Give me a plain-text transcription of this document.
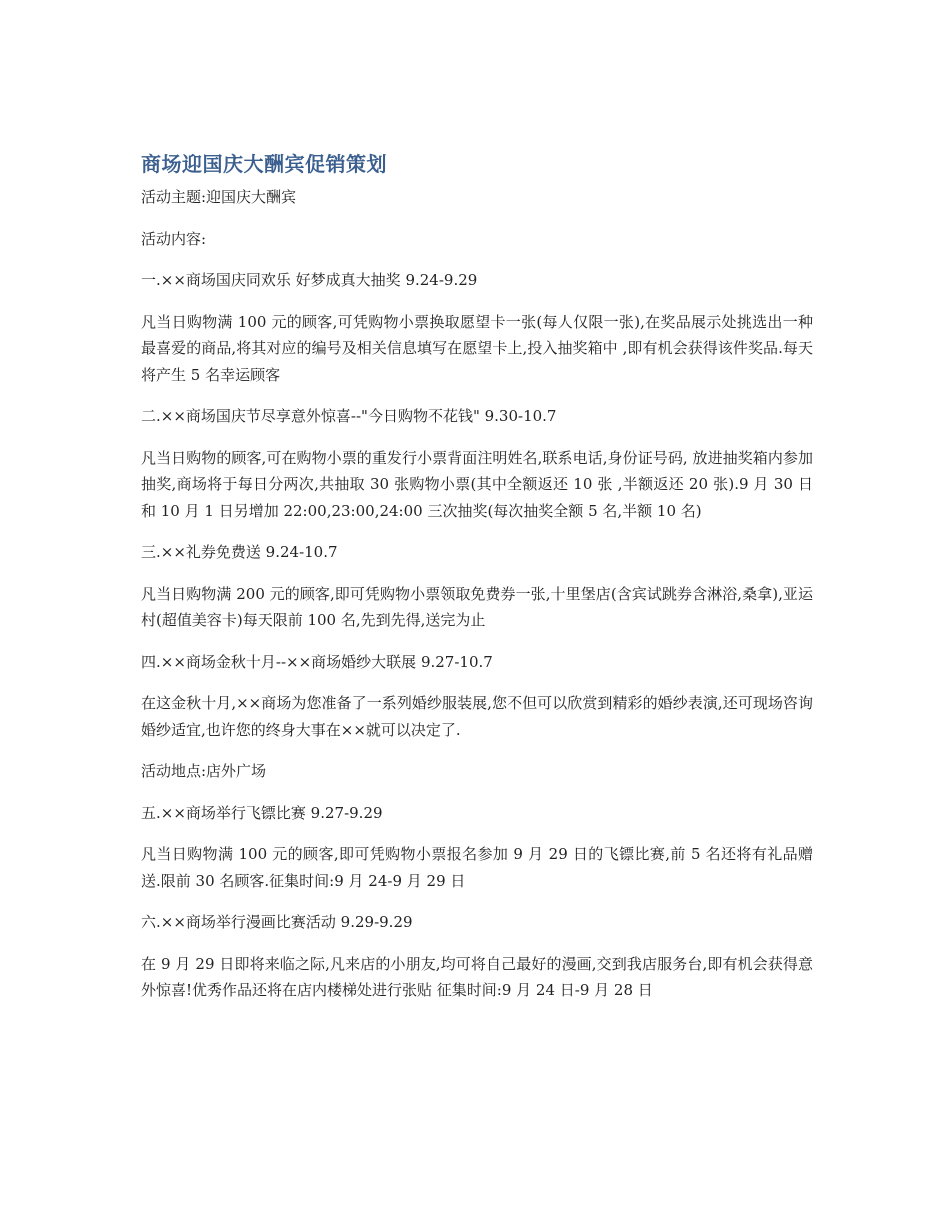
商场迎国庆大酬宾促销策划

活动主题:迎国庆大酬宾

活动内容:

一.××商场国庆同欢乐 好梦成真大抽奖 9.24-9.29

凡当日购物满 100 元的顾客,可凭购物小票换取愿望卡一张(每人仅限一张),在奖品展示处挑选出一种最喜爱的商品,将其对应的编号及相关信息填写在愿望卡上,投入抽奖箱中 ,即有机会获得该件奖品.每天将产生 5 名幸运顾客

二.××商场国庆节尽享意外惊喜--"今日购物不花钱" 9.30-10.7

凡当日购物的顾客,可在购物小票的重发行小票背面注明姓名,联系电话,身份证号码, 放进抽奖箱内参加抽奖,商场将于每日分两次,共抽取 30 张购物小票(其中全额返还 10 张 ,半额返还 20 张).9 月 30 日和 10 月 1 日另增加 22:00,23:00,24:00 三次抽奖(每次抽奖全额 5 名,半额 10 名)

三.××礼券免费送 9.24-10.7

凡当日购物满 200 元的顾客,即可凭购物小票领取免费券一张,十里堡店(含宾试跳券含淋浴,桑拿),亚运村(超值美容卡)每天限前 100 名,先到先得,送完为止

四.××商场金秋十月--××商场婚纱大联展 9.27-10.7

在这金秋十月,××商场为您准备了一系列婚纱服装展,您不但可以欣赏到精彩的婚纱表演,还可现场咨询婚纱适宜,也许您的终身大事在××就可以决定了.

活动地点:店外广场

五.××商场举行飞镖比赛 9.27-9.29

凡当日购物满 100 元的顾客,即可凭购物小票报名参加 9 月 29 日的飞镖比赛,前 5 名还将有礼品赠送.限前 30 名顾客.征集时间:9 月 24-9 月 29 日

六.××商场举行漫画比赛活动 9.29-9.29

在 9 月 29 日即将来临之际,凡来店的小朋友,均可将自己最好的漫画,交到我店服务台,即有机会获得意外惊喜!优秀作品还将在店内楼梯处进行张贴 征集时间:9 月 24 日-9 月 28 日
